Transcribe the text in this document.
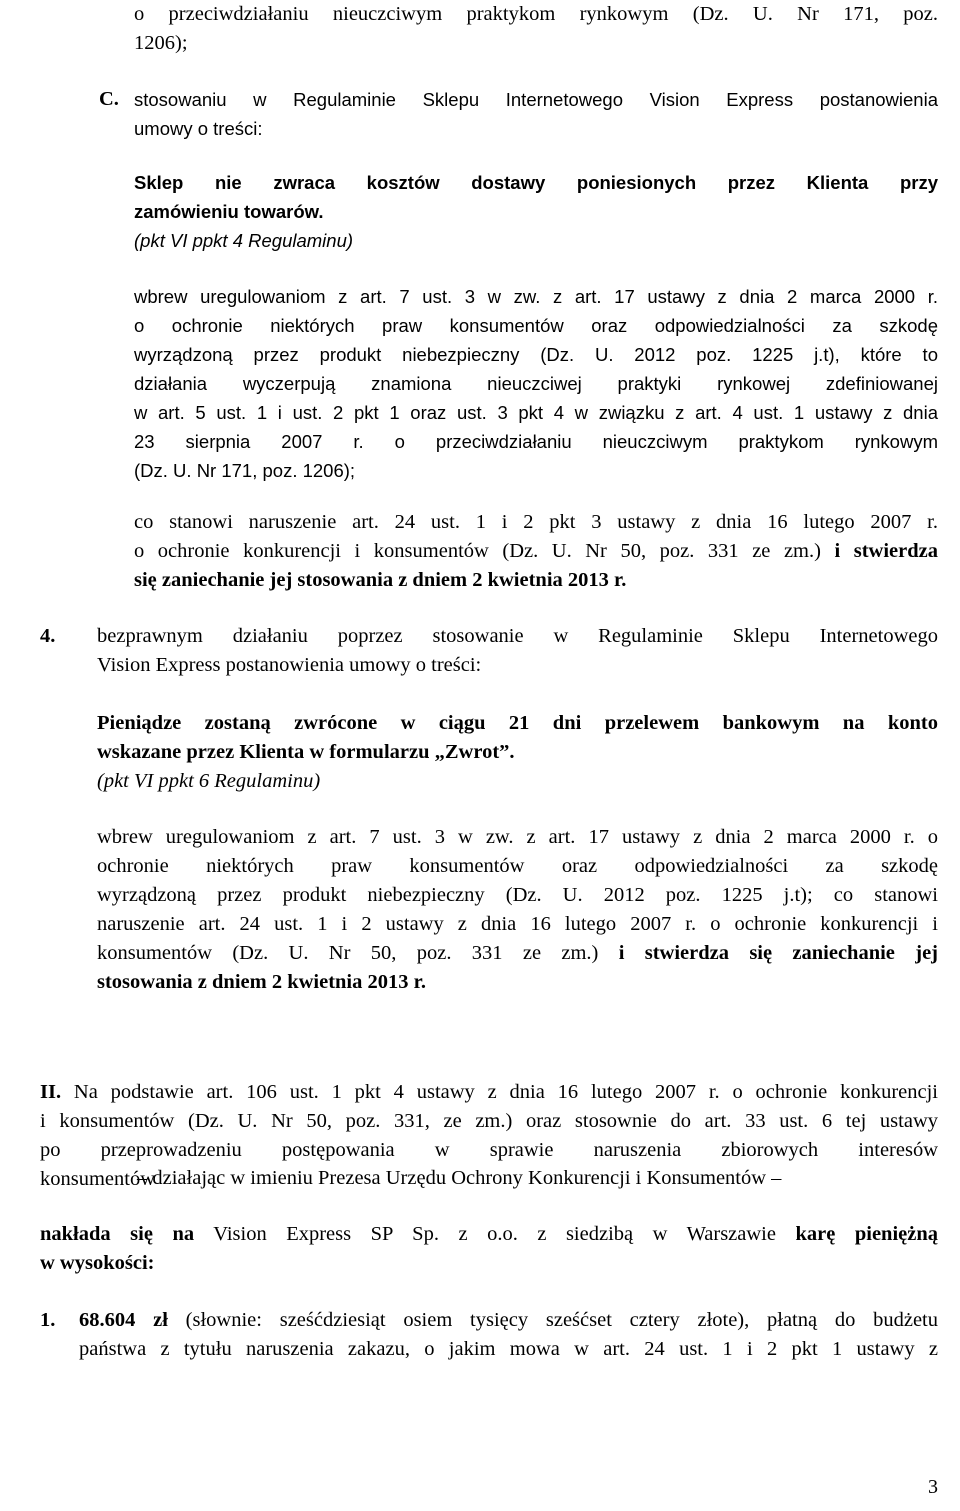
o przeciwdziałaniu nieuczciwym praktykom rynkowym (Dz. U. Nr 171, poz.
1206);
C. stosowaniu w Regulaminie Sklepu Internetowego Vision Express postanowienia
umowy o treści:
Sklep nie zwraca kosztów dostawy poniesionych przez Klienta przy
zamówieniu towarów.
(pkt VI ppkt 4 Regulaminu)
wbrew uregulowaniom z art. 7 ust. 3 w zw. z art. 17 ustawy z dnia 2 marca 2000 r.
o ochronie niektórych praw konsumentów oraz odpowiedzialności za szkodę
wyrządzoną przez produkt niebezpieczny (Dz. U. 2012 poz. 1225 j.t), które to
działania wyczerpują znamiona nieuczciwej praktyki rynkowej zdefiniowanej
w art. 5 ust. 1 i ust. 2 pkt 1 oraz ust. 3 pkt 4 w związku z art. 4 ust. 1 ustawy z dnia
23 sierpnia 2007 r. o przeciwdziałaniu nieuczciwym praktykom rynkowym
(Dz. U. Nr 171, poz. 1206);
co stanowi naruszenie art. 24 ust. 1 i 2 pkt 3 ustawy z dnia 16 lutego 2007 r.
o ochronie konkurencji i konsumentów (Dz. U. Nr 50, poz. 331 ze zm.) i stwierdza
się zaniechanie jej stosowania z dniem 2 kwietnia 2013 r.
4. bezprawnym działaniu poprzez stosowanie w Regulaminie Sklepu Internetowego
Vision Express postanowienia umowy o treści:
Pieniądze zostaną zwrócone w ciągu 21 dni przelewem bankowym na konto
wskazane przez Klienta w formularzu „Zwrot”.
(pkt VI ppkt 6 Regulaminu)
wbrew uregulowaniom z art. 7 ust. 3 w zw. z art. 17 ustawy z dnia 2 marca 2000 r. o
ochronie niektórych praw konsumentów oraz odpowiedzialności za szkodę
wyrządzoną przez produkt niebezpieczny (Dz. U. 2012 poz. 1225 j.t); co stanowi
naruszenie art. 24 ust. 1 i 2 ustawy z dnia 16 lutego 2007 r. o ochronie konkurencji i
konsumentów (Dz. U. Nr 50, poz. 331 ze zm.) i stwierdza się zaniechanie jej
stosowania z dniem 2 kwietnia 2013 r.
II. Na podstawie art. 106 ust. 1 pkt 4 ustawy z dnia 16 lutego 2007 r. o ochronie konkurencji
i konsumentów (Dz. U. Nr 50, poz. 331, ze zm.) oraz stosownie do art. 33 ust. 6 tej ustawy
po przeprowadzeniu postępowania w sprawie naruszenia zbiorowych interesów
konsumentów
– działając w imieniu Prezesa Urzędu Ochrony Konkurencji i Konsumentów –
nakłada się na Vision Express SP Sp. z o.o. z siedzibą w Warszawie karę pieniężną
w wysokości:
1. 68.604 zł (słownie: sześćdziesiąt osiem tysięcy sześćset cztery złote), płatną do budżetu
państwa z tytułu naruszenia zakazu, o jakim mowa w art. 24 ust. 1 i 2 pkt 1 ustawy z
3
